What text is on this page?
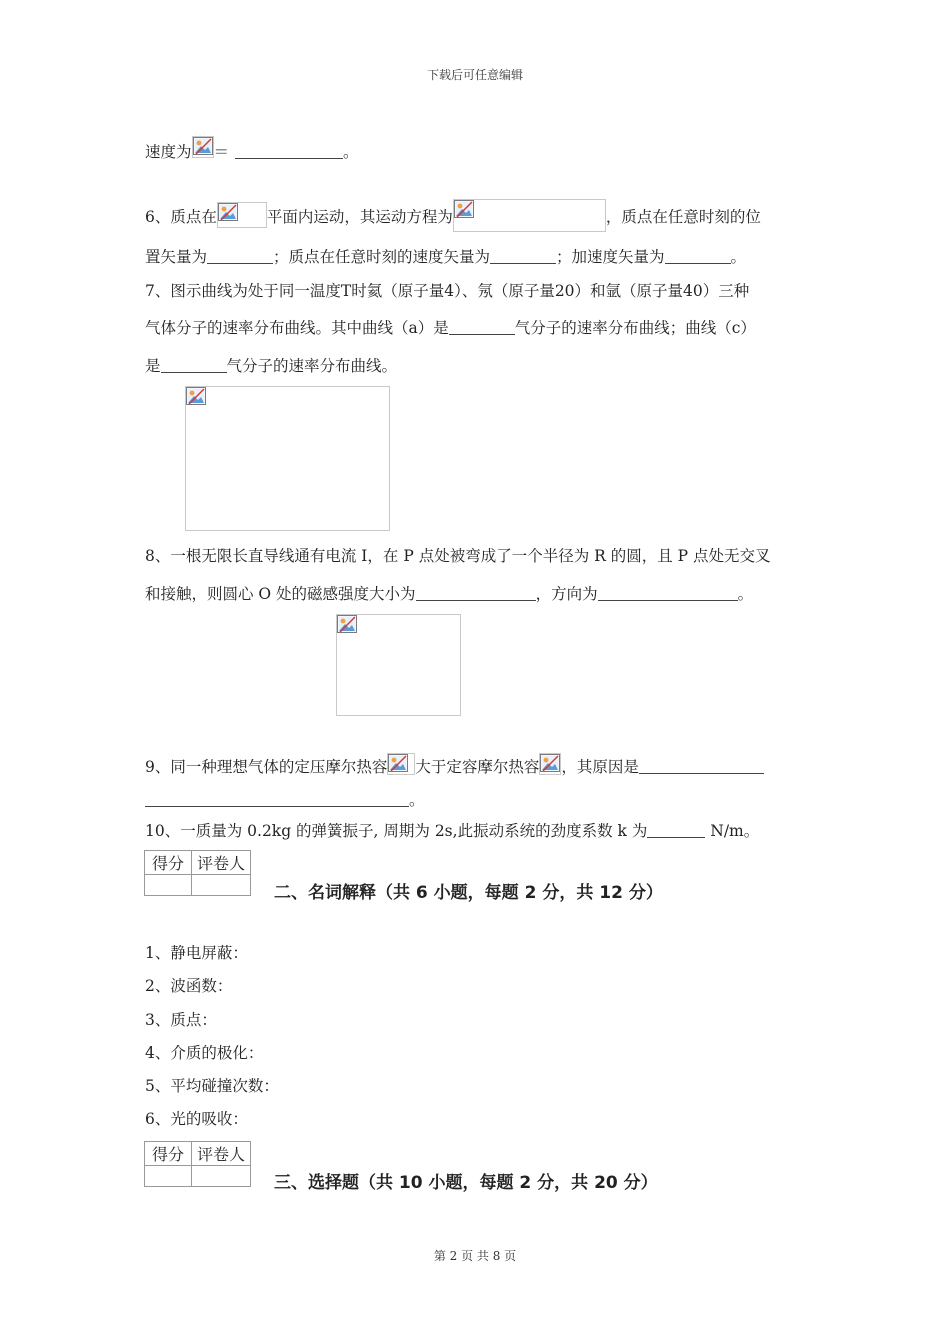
下载后可任意编辑
速度为 ＝	。
6、质点在	平面内运动，其运动方程为	，质点在任意时刻的位
置矢量为	；质点在任意时刻的速度矢量为	；加速度矢量为	。
7、图示曲线为处于同一温度T时氦（原子量4）、氖（原子量20）和氩（原子量40）三种
气体分子的速率分布曲线。其中曲线（a）是	气分子的速率分布曲线；曲线（c）
是	气分子的速率分布曲线。
8、一根无限长直导线通有电流 I，在 P 点处被弯成了一个半径为 R 的圆，且 P 点处无交叉
和接触，则圆心 O 处的磁感强度大小为	，方向为	。
9、同一种理想气体的定压摩尔热容 大于定容摩尔热容 ，其原因是
。
10、一质量为 0.2kg 的弹簧振子, 周期为 2s,此振动系统的劲度系数 k 为	N/m。
得分	评卷人

二、名词解释（共 6 小题，每题 2 分，共 12 分）
1、静电屏蔽：
2、波函数：
3、质点：
4、介质的极化：
5、平均碰撞次数：
6、光的吸收：
得分	评卷人

三、选择题（共 10 小题，每题 2 分，共 20 分）
第 2 页 共 8 页
